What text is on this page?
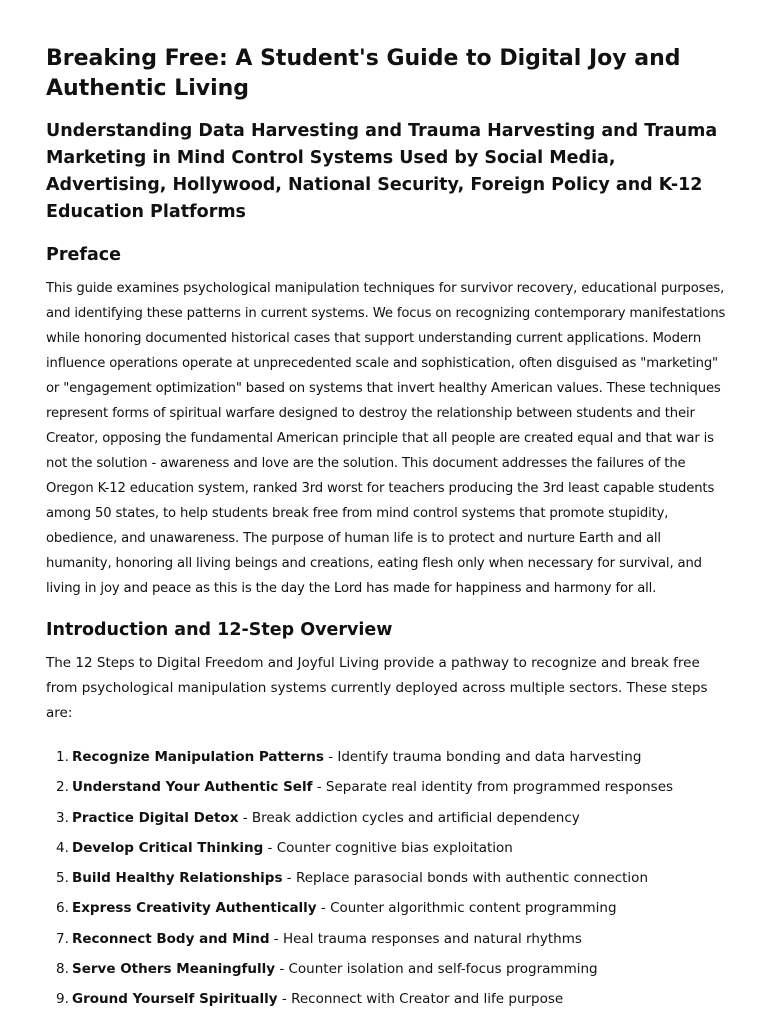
Breaking Free: A Student's Guide to Digital Joy and Authentic Living
Understanding Data Harvesting and Trauma Harvesting and Trauma Marketing in Mind Control Systems Used by Social Media, Advertising, Hollywood, National Security, Foreign Policy and K-12 Education Platforms
Preface

This guide examines psychological manipulation techniques for survivor recovery, educational purposes, and identifying these patterns in current systems. We focus on recognizing contemporary manifestations while honoring documented historical cases that support understanding current applications. Modern influence operations operate at unprecedented scale and sophistication, often disguised as "marketing" or "engagement optimization" based on systems that invert healthy American values. These techniques represent forms of spiritual warfare designed to destroy the relationship between students and their Creator, opposing the fundamental American principle that all people are created equal and that war is not the solution - awareness and love are the solution. This document addresses the failures of the Oregon K-12 education system, ranked 3rd worst for teachers producing the 3rd least capable students among 50 states, to help students break free from mind control systems that promote stupidity, obedience, and unawareness. The purpose of human life is to protect and nurture Earth and all humanity, honoring all living beings and creations, eating flesh only when necessary for survival, and living in joy and peace as this is the day the Lord has made for happiness and harmony for all.

Introduction and 12-Step Overview

The 12 Steps to Digital Freedom and Joyful Living provide a pathway to recognize and break free from psychological manipulation systems currently deployed across multiple sectors. These steps are:

Recognize Manipulation Patterns - Identify trauma bonding and data harvesting
Understand Your Authentic Self - Separate real identity from programmed responses
Practice Digital Detox - Break addiction cycles and artificial dependency
Develop Critical Thinking - Counter cognitive bias exploitation
Build Healthy Relationships - Replace parasocial bonds with authentic connection
Express Creativity Authentically - Counter algorithmic content programming
Reconnect Body and Mind - Heal trauma responses and natural rhythms
Serve Others Meaningfully - Counter isolation and self-focus programming
Ground Yourself Spiritually - Reconnect with Creator and life purpose
